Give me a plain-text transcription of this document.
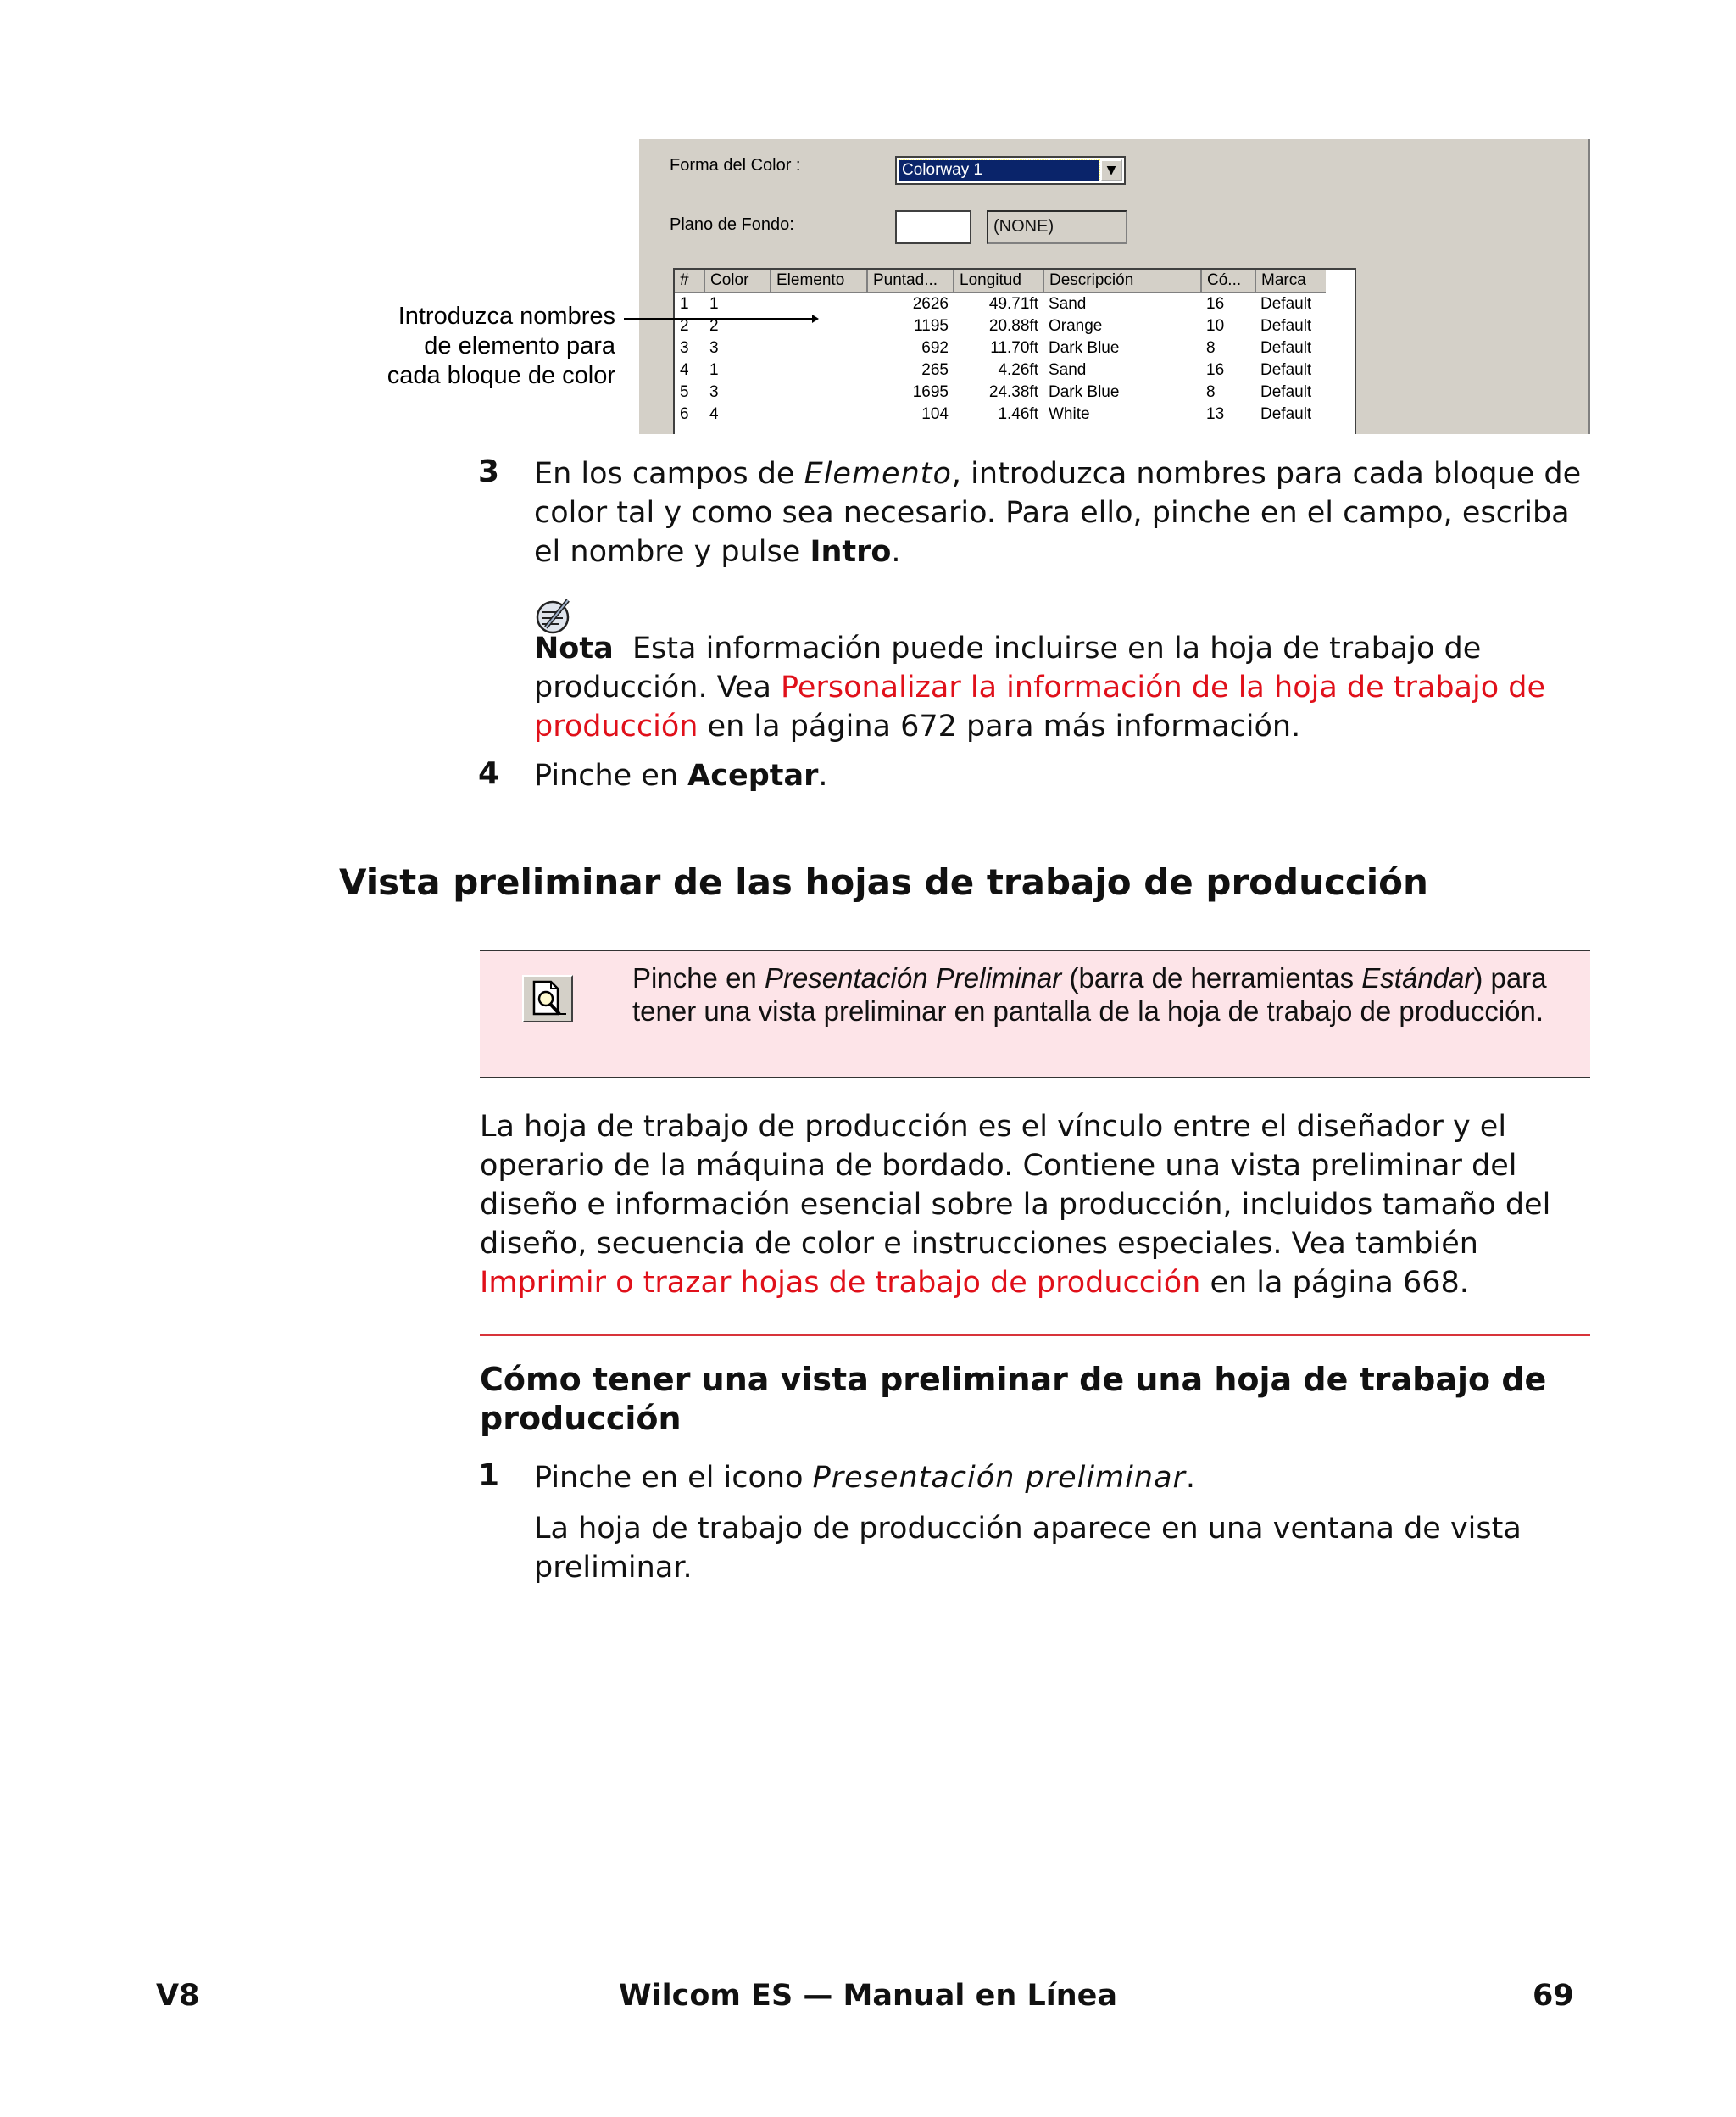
Forma del Color :	Colorway 1	▼
Plano de Fondo:	(NONE)
#	Color	Elemento	Puntad...	Longitud	Descripción	Có...	Marca
1	1		2626	49.71ft	Sand	16	Default
2	2		1195	20.88ft	Orange	10	Default
3	3		692	11.70ft	Dark Blue	8	Default
4	1		265	4.26ft	Sand	16	Default
5	3		1695	24.38ft	Dark Blue	8	Default
6	4		104	1.46ft	White	13	Default
Introduzca nombres
de elemento para
cada bloque de color
3 En los campos de Elemento, introduzca nombres para cada bloque de color tal y como sea necesario. Para ello, pinche en el campo, escriba el nombre y pulse Intro.
Nota  Esta información puede incluirse en la hoja de trabajo de producción. Vea Personalizar la información de la hoja de trabajo de producción en la página 672 para más información.
4 Pinche en Aceptar.
Vista preliminar de las hojas de trabajo de producción
Pinche en Presentación Preliminar (barra de herramientas Estándar) para tener una vista preliminar en pantalla de la hoja de trabajo de producción.
La hoja de trabajo de producción es el vínculo entre el diseñador y el operario de la máquina de bordado. Contiene una vista preliminar del diseño e información esencial sobre la producción, incluidos tamaño del diseño, secuencia de color e instrucciones especiales. Vea también Imprimir o trazar hojas de trabajo de producción en la página 668.
Cómo tener una vista preliminar de una hoja de trabajo de producción
1 Pinche en el icono Presentación preliminar.
La hoja de trabajo de producción aparece en una ventana de vista preliminar.
V8	Wilcom ES — Manual en Línea	69
